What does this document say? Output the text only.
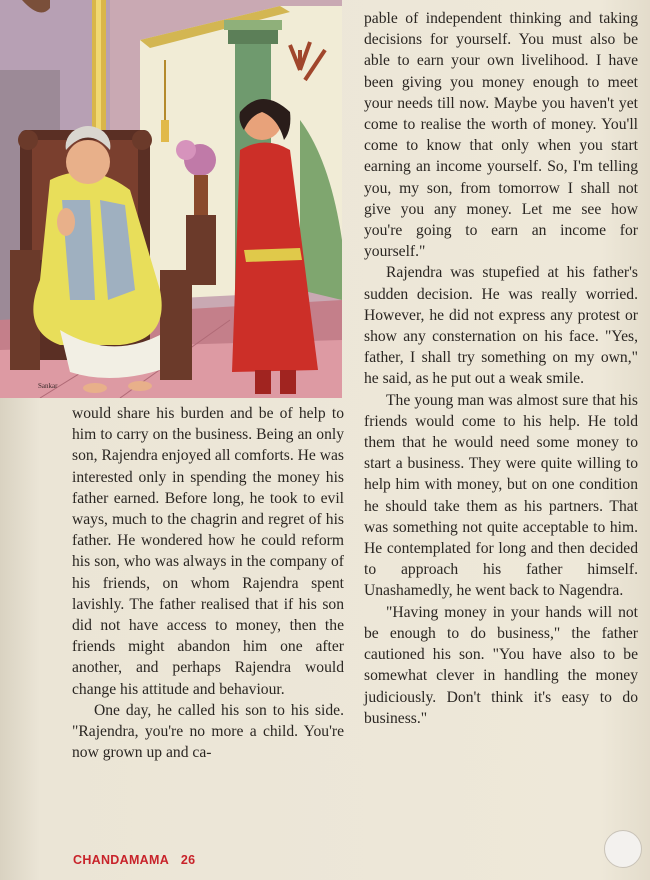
Sankar

would share his burden and be of help to him to carry on the business. Being an only son, Rajendra enjoyed all comforts. He was interested only in spending the money his father earned. Before long, he took to evil ways, much to the chagrin and regret of his father. He wondered how he could reform his son, who was always in the company of his friends, on whom Rajendra spent lavishly. The father realised that if his son did not have access to money, then the friends might abandon him one after another, and perhaps Rajendra would change his attitude and behaviour.

One day, he called his son to his side. "Rajendra, you're no more a child. You're now grown up and ca-

pable of independent thinking and taking decisions for yourself. You must also be able to earn your own livelihood. I have been giving you money enough to meet your needs till now. Maybe you haven't yet come to realise the worth of money. You'll come to know that only when you start earning an income yourself. So, I'm telling you, my son, from tomorrow I shall not give you any money. Let me see how you're going to earn an income for yourself."

Rajendra was stupefied at his father's sudden decision. He was really worried. However, he did not express any protest or show any consternation on his face. "Yes, father, I shall try something on my own," he said, as he put out a weak smile.

The young man was almost sure that his friends would come to his help. He told them that he would need some money to start a business. They were quite willing to help him with money, but on one condition he should take them as his partners. That was something not quite acceptable to him. He contemplated for long and then decided to approach his father himself. Unashamedly, he went back to Nagendra.

"Having money in your hands will not be enough to do business," the father cautioned his son. "You have also to be somewhat clever in handling the money judiciously. Don't think it's easy to do business."

CHANDAMAMA 26
